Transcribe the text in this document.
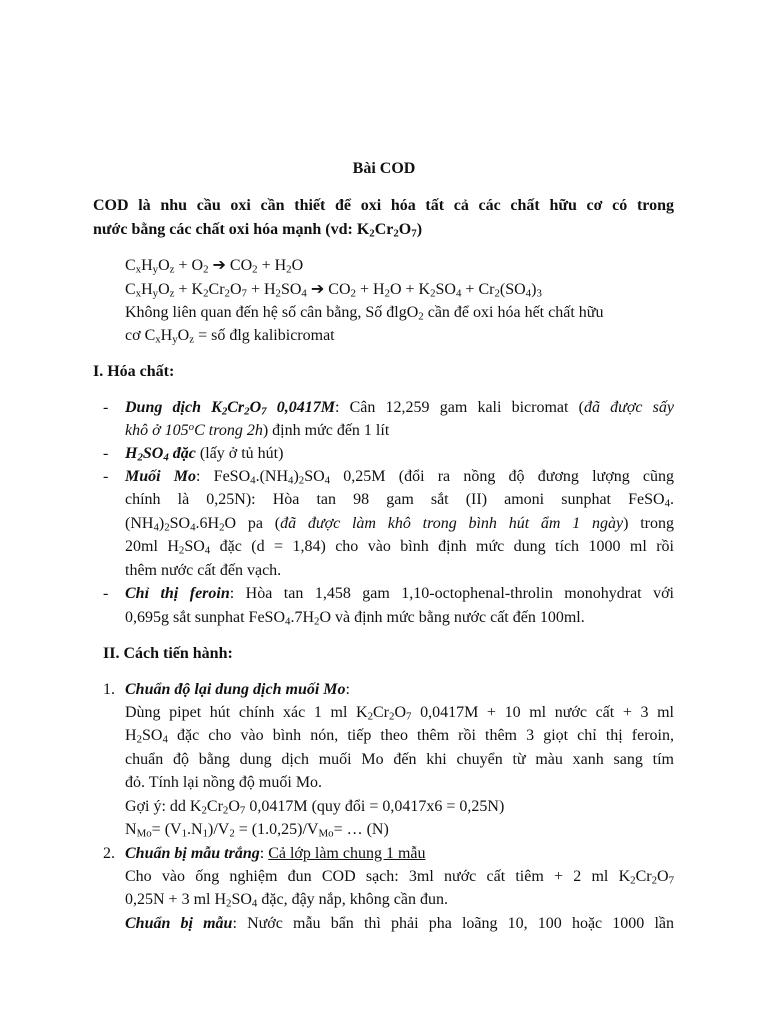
Bài COD
COD là nhu cầu oxi cần thiết để oxi hóa tất cả các chất hữu cơ có trong
nước bằng các chất oxi hóa mạnh (vd: $K_2Cr_2O_7$)
$C_xH_yO_z + O_2$ ➔ $CO_2 + H_2O$
$C_xH_yO_z + K_2Cr_2O_7 + H_2SO_4$ ➔ $CO_2 + H_2O + K_2SO_4 + Cr_2(SO_4)_3$
Không liên quan đến hệ số cân bằng, Số đlgO$_2$ cần để oxi hóa hết chất hữu
cơ $C_xH_yO_z$ = số đlg kalibicromat
I. Hóa chất:
-	Dung dịch $K_2Cr_2O_7$ 0,0417M: Cân 12,259 gam kali bicromat (đã được sấy
khô ở 105$^o$C trong 2h) định mức đến 1 lít
-	$H_2SO_4$ đặc (lấy ở tủ hút)
-	Muối Mo: $FeSO_4.(NH_4)_2SO_4$ 0,25M (đổi ra nồng độ đương lượng cũng
chính là 0,25N): Hòa tan 98 gam sắt (II) amoni sunphat FeSO$_4$.
$(NH_4)_2SO_4.6H_2O$ pa (đã được làm khô trong bình hút ẩm 1 ngày) trong
20ml $H_2SO_4$ đặc (d = 1,84) cho vào bình định mức dung tích 1000 ml rồi
thêm nước cất đến vạch.
-	Chỉ thị feroin: Hòa tan 1,458 gam 1,10-octophenal-throlin monohydrat với
0,695g sắt sunphat $FeSO_4.7H_2O$ và định mức bằng nước cất đến 100ml.
II. Cách tiến hành:
1. Chuẩn độ lại dung dịch muối Mo:
Dùng pipet hút chính xác 1 ml $K_2Cr_2O_7$ 0,0417M + 10 ml nước cất + 3 ml
$H_2SO_4$ đặc cho vào bình nón, tiếp theo thêm rồi thêm 3 giọt chỉ thị feroin,
chuẩn độ bằng dung dịch muối Mo đến khi chuyển từ màu xanh sang tím
đỏ. Tính lại nồng độ muối Mo.
Gợi ý: dd $K_2Cr_2O_7$ 0,0417M (quy đổi = 0,0417x6 = 0,25N)
$N_{Mo}= (V_1.N_1)/V_2 = (1.0,25)/V_{Mo}=$ … (N)
2. Chuẩn bị mẫu trắng: Cả lớp làm chung 1 mẫu
Cho vào ống nghiệm đun COD sạch: 3ml nước cất tiêm + 2 ml $K_2Cr_2O_7$
0,25N + 3 ml $H_2SO_4$ đặc, đậy nắp, không cần đun.
Chuẩn bị mẫu: Nước mẫu bẩn thì phải pha loãng 10, 100 hoặc 1000 lần
